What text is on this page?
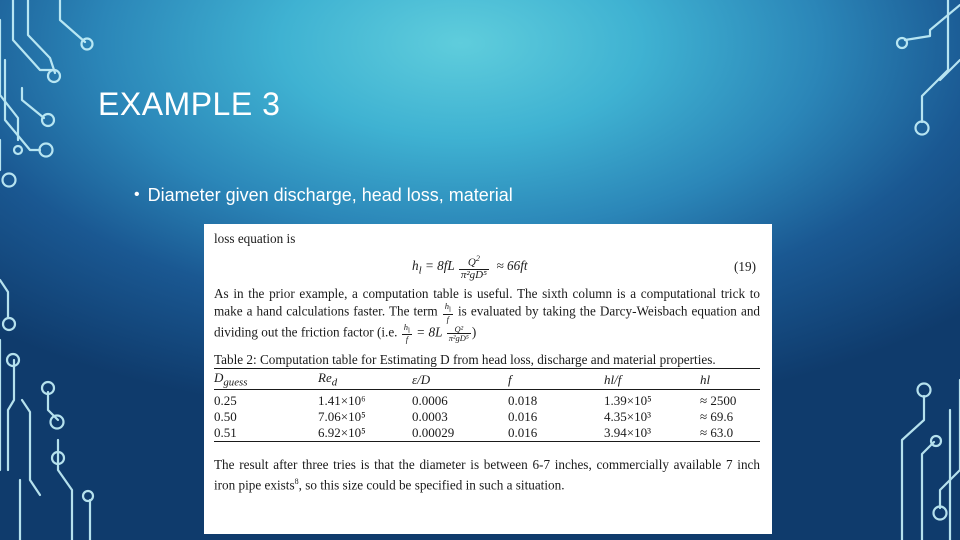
EXAMPLE 3
• Diameter given discharge, head loss, material

loss equation is

$h_l = 8fL \frac{Q^2}{\text{π²gD⁵}} \approx 66ft$	(19)

As in the prior example, a computation table is useful. The sixth column is a computational trick to make a hand calculations faster. The term $\frac{h_l}{f}$ is evaluated by taking the Darcy-Weisbach equation and dividing out the friction factor (i.e. $\frac{h_l}{f} = 8L \frac{\text{Q²}}{\text{π²gD⁵}}$ )

Table 2: Computation table for Estimating D from head loss, discharge and material properties.

$D_{guess}$	$Re_d$	ε/D	f	hl/f	hl
0.25	1.41×10⁶	0.0006	0.018	1.39×10⁵	≈ 2500
0.50	7.06×10⁵	0.0003	0.016	4.35×10³	≈ 69.6
0.51	6.92×10⁵	0.00029	0.016	3.94×10³	≈ 63.0

The result after three tries is that the diameter is between 6-7 inches, commercially available 7 inch iron pipe exists$^8$, so this size could be specified in such a situation.
